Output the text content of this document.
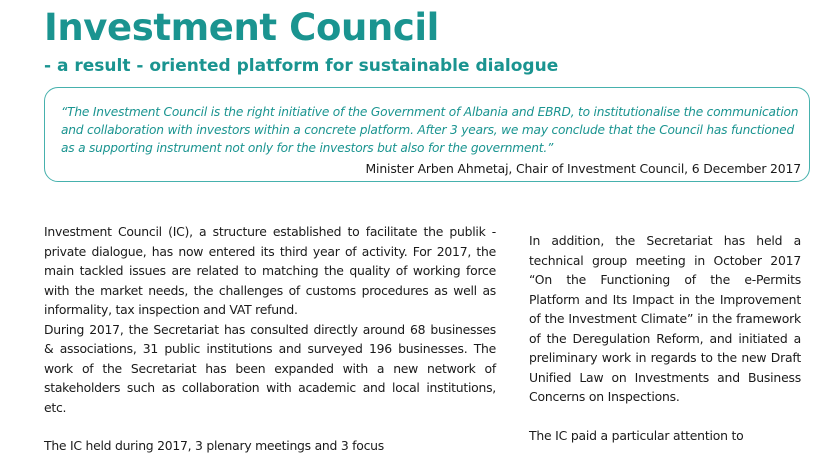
Investment Council
- a result - oriented platform for sustainable dialogue

“The Investment Council is the right initiative of the Government of Albania and EBRD, to institutionalise the communication and collaboration with investors within a concrete platform. After 3 years, we may conclude that the Council has functioned as a supporting instrument not only for the investors but also for the government.”

Minister Arben Ahmetaj, Chair of Investment Council, 6 December 2017

Investment Council (IC), a structure established to facilitate the publik - private dialogue, has now entered its third year of activity. For 2017, the main tackled issues are related to matching the quality of working force with the market needs, the challenges of customs procedures as well as informality, tax inspection and VAT refund.

During 2017, the Secretariat has consulted directly around 68 businesses & associations, 31 public institutions and surveyed 196 businesses. The work of the Secretariat has been expanded with a new network of stakeholders such as collaboration with academic and local institutions, etc.

The IC held during 2017, 3 plenary meetings and 3 focus

In addition, the Secretariat has held a technical group meeting in October 2017 “On the Functioning of the e-Permits Platform and Its Impact in the Improvement of the Investment Climate” in the framework of the Deregulation Reform, and initiated a preliminary work in regards to the new Draft Unified Law on Investments and Business Concerns on Inspections.

The IC paid a particular attention to
